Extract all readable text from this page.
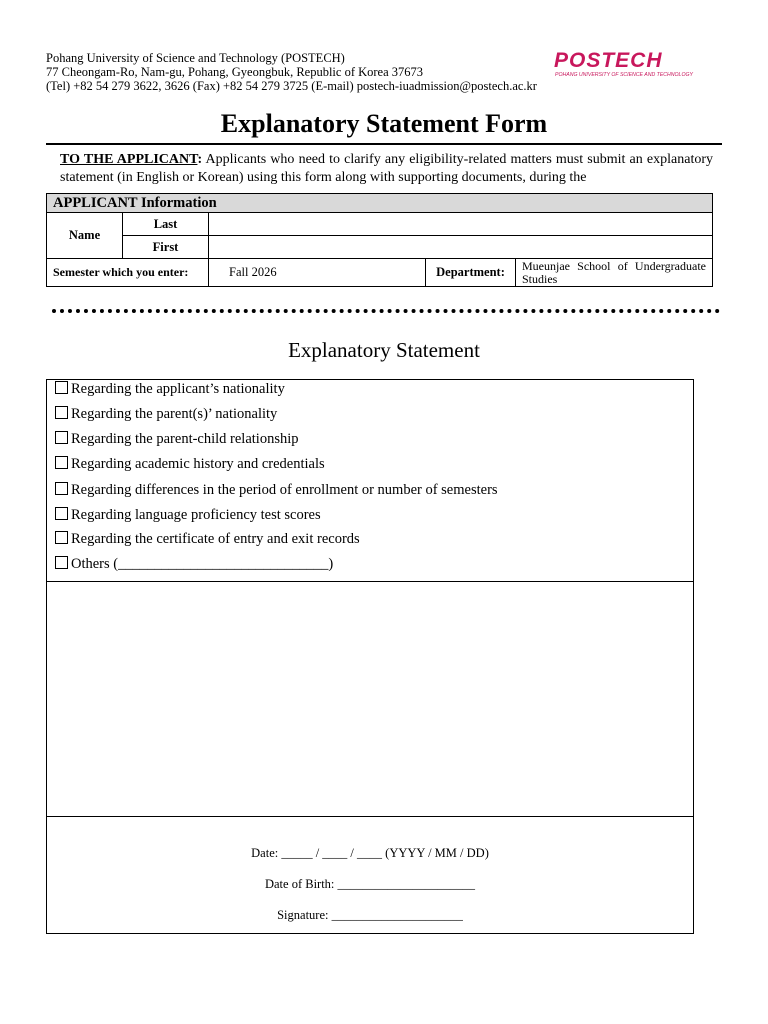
Pohang University of Science and Technology (POSTECH)
77 Cheongam-Ro, Nam-gu, Pohang, Gyeongbuk, Republic of Korea 37673
(Tel) +82 54 279 3622, 3626 (Fax) +82 54 279 3725 (E-mail) postech-iuadmission@postech.ac.kr
POSTECH
POHANG UNIVERSITY OF SCIENCE AND TECHNOLOGY
Explanatory Statement Form
TO THE APPLICANT: Applicants who need to clarify any eligibility-related matters must submit an explanatory statement (in English or Korean) using this form along with supporting documents, during the
APPLICANT Information				
Name	Last			
	First			
Semester which you enter:		Fall 2026	Department:	Mueunjae School of Undergraduate Studies
Explanatory Statement
Regarding the applicant’s nationality
Regarding the parent(s)’ nationality
Regarding the parent-child relationship
Regarding academic history and credentials
Regarding differences in the period of enrollment or number of semesters
Regarding language proficiency test scores
Regarding the certificate of entry and exit records
Others (_____________________________)
Date: _____ / ____ / ____ (YYYY / MM / DD)
Date of Birth: ______________________
Signature: _____________________
